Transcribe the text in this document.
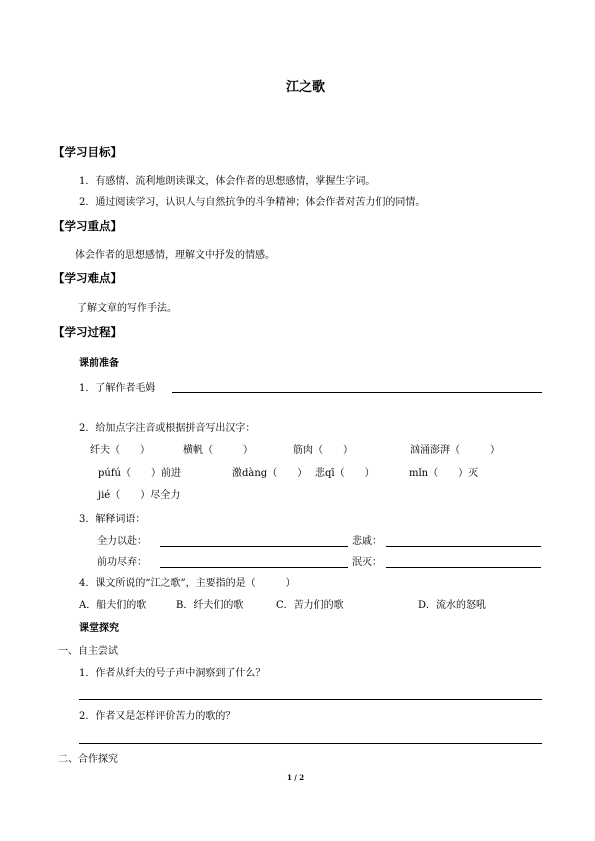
江之歌
【学习目标】
1．有感情、流利地朗读课文，体会作者的思想感情，掌握生字词。
2．通过阅读学习，认识人与自然抗争的斗争精神；体会作者对苦力们的同情。
【学习重点】
体会作者的思想感情，理解文中抒发的情感。
【学习难点】
了解文章的写作手法。
【学习过程】
课前准备
1．了解作者毛姆
2．给加点字注音或根据拼音写出汉字：
纤夫（　　）	横帆（　　　）	筋肉（　　）	汹涌澎湃（　　　）
púfú（　　）前进	激dàng（　　） 悲qī（　　）	mǐn（　　）灭
jié（　　）尽全力
3．解释词语：
全力以赴：	悲戚：
前功尽弃：	泯灭：
4．课文所说的“江之歌”，主要指的是（　　　）
A．船夫们的歌	B．纤夫们的歌	C．苦力们的歌	D．流水的怒吼
课堂探究
一、自主尝试
1．作者从纤夫的号子声中洞察到了什么？
2．作者又是怎样评价苦力的歌的？
二、合作探究
1 / 2
